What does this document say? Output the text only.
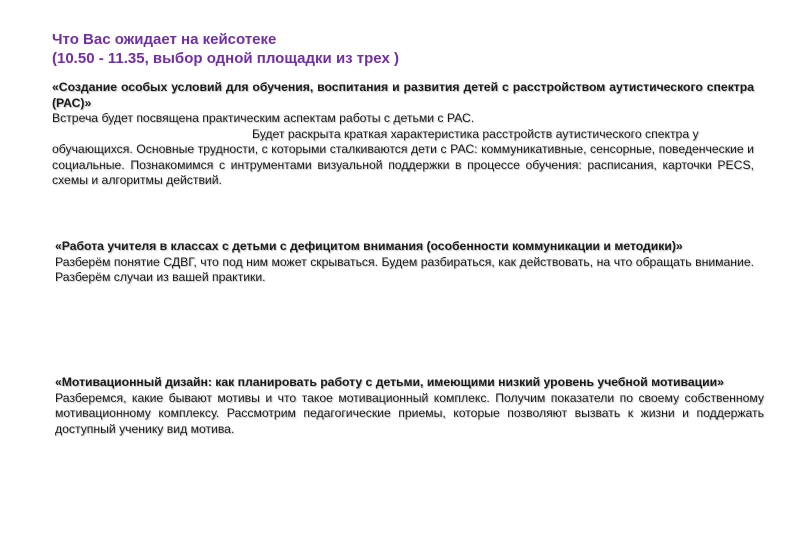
Что Вас ожидает на кейсотеке
(10.50 - 11.35, выбор одной площадки из трех )
«Создание особых условий для обучения, воспитания и развития детей с расстройством аутистического спектра (РАС)»

Встреча будет посвящена практическим аспектам работы с детьми с РАС.

Будет раскрыта краткая характеристика расстройств аутистического спектра у

обучающихся. Основные трудности, с которыми сталкиваются дети с РАС: коммуникативные, сенсорные, поведенческие и социальные. Познакомимся с интрументами визуальной поддержки в процессе обучения: расписания, карточки PECS, схемы и алгоритмы действий.

«Работа учителя в классах с детьми с дефицитом внимания (особенности коммуникации и методики)»

Разберём понятие СДВГ, что под ним может скрываться. Будем разбираться, как действовать, на что обращать внимание. Разберём случаи из вашей практики.

«Мотивационный дизайн: как планировать работу с детьми, имеющими низкий уровень учебной мотивации»

Разберемся, какие бывают мотивы и что такое мотивационный комплекс. Получим показатели по своему собственному мотивационному комплексу. Рассмотрим педагогические приемы, которые позволяют вызвать к жизни и поддержать доступный ученику вид мотива.
